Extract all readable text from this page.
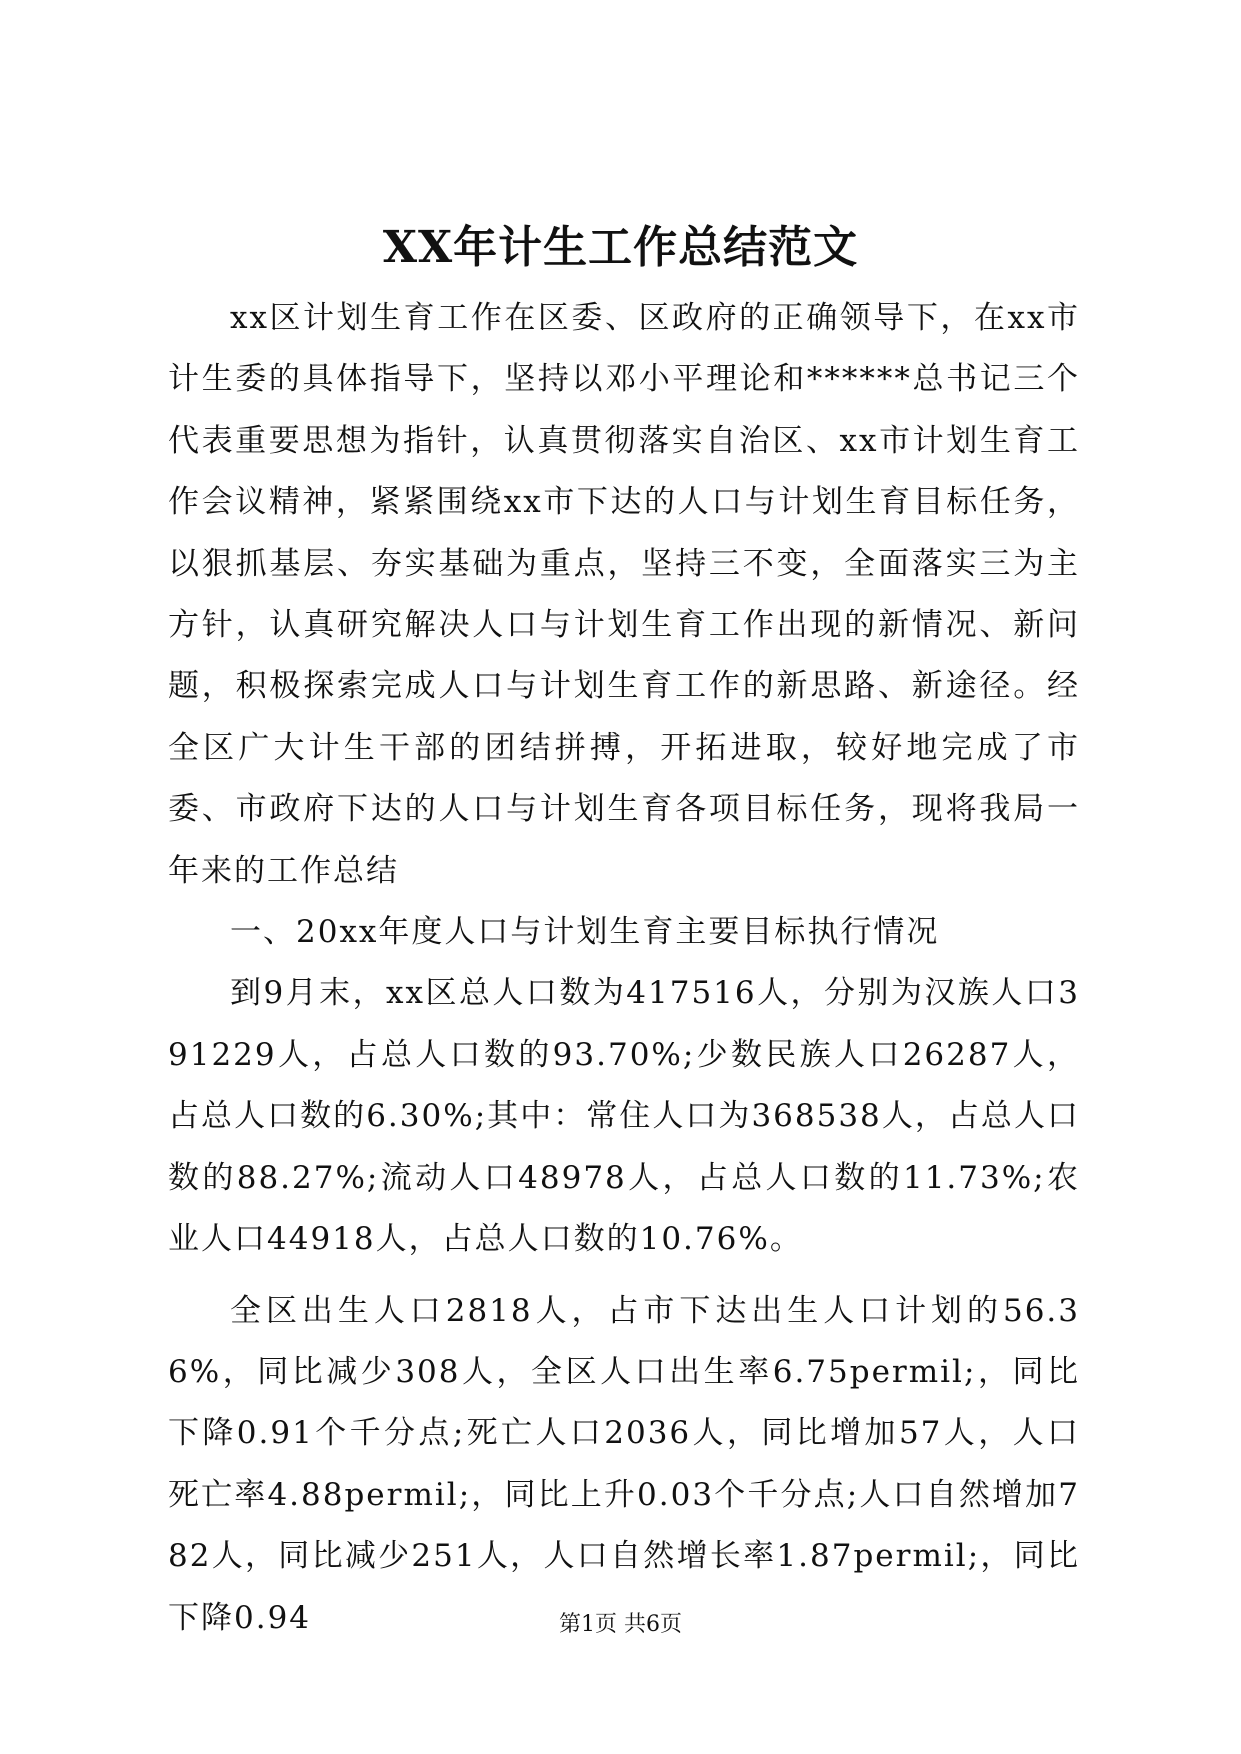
XX年计生工作总结范文

xx区计划生育工作在区委、区政府的正确领导下，在xx市计生委的具体指导下，坚持以邓小平理论和******总书记三个代表重要思想为指针，认真贯彻落实自治区、xx市计划生育工作会议精神，紧紧围绕xx市下达的人口与计划生育目标任务，以狠抓基层、夯实基础为重点，坚持三不变，全面落实三为主方针，认真研究解决人口与计划生育工作出现的新情况、新问题，积极探索完成人口与计划生育工作的新思路、新途径。经全区广大计生干部的团结拼搏，开拓进取，较好地完成了市委、市政府下达的人口与计划生育各项目标任务，现将我局一年来的工作总结

一、20xx年度人口与计划生育主要目标执行情况

到9月末，xx区总人口数为417516人，分别为汉族人口391229人，占总人口数的93.70%;少数民族人口26287人，占总人口数的6.30%;其中：常住人口为368538人，占总人口数的88.27%;流动人口48978人，占总人口数的11.73%;农业人口44918人，占总人口数的10.76%。

全区出生人口2818人，占市下达出生人口计划的56.36%，同比减少308人，全区人口出生率6.75permil;，同比下降0.91个千分点;死亡人口2036人，同比增加57人，人口死亡率4.88permil;，同比上升0.03个千分点;人口自然增加782人，同比减少251人，人口自然增长率1.87permil;，同比下降0.94	第1页 共6页
